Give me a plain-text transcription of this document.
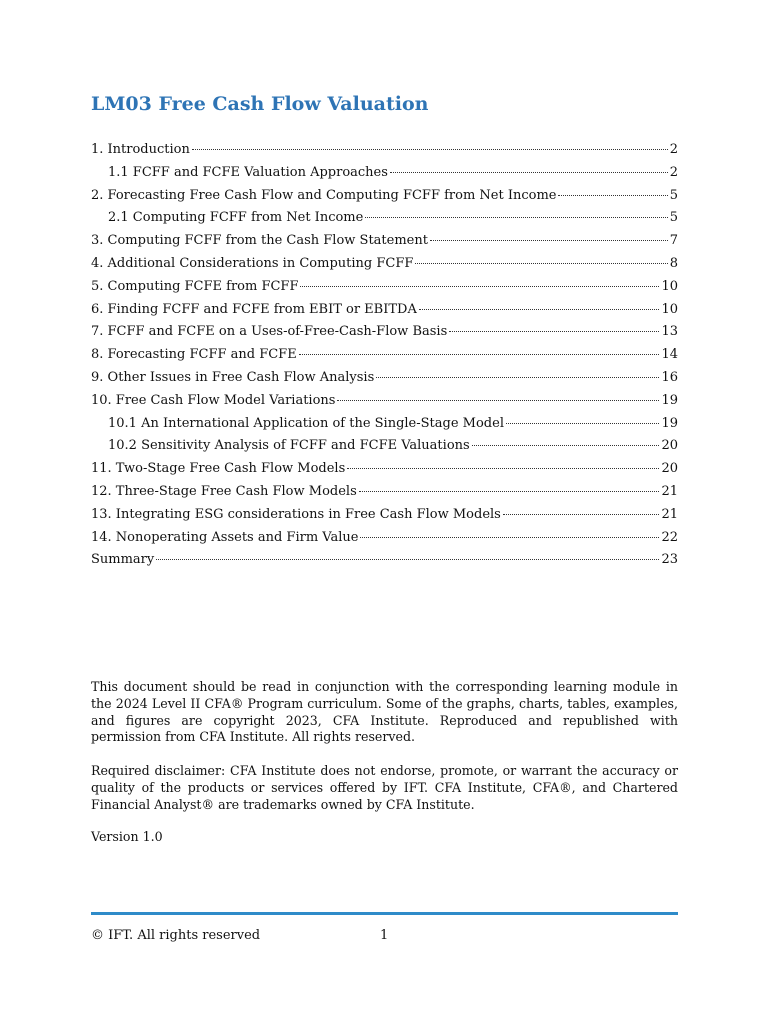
LM03 Free Cash Flow Valuation
1. Introduction	2
1.1 FCFF and FCFE Valuation Approaches	2
2. Forecasting Free Cash Flow and Computing FCFF from Net Income	5
2.1 Computing FCFF from Net Income	5
3. Computing FCFF from the Cash Flow Statement	7
4. Additional Considerations in Computing FCFF	8
5. Computing FCFE from FCFF	10
6. Finding FCFF and FCFE from EBIT or EBITDA	10
7. FCFF and FCFE on a Uses-of-Free-Cash-Flow Basis	13
8. Forecasting FCFF and FCFE	14
9. Other Issues in Free Cash Flow Analysis	16
10. Free Cash Flow Model Variations	19
10.1 An International Application of the Single-Stage Model	19
10.2 Sensitivity Analysis of FCFF and FCFE Valuations	20
11. Two-Stage Free Cash Flow Models	20
12. Three-Stage Free Cash Flow Models	21
13. Integrating ESG considerations in Free Cash Flow Models	21
14. Nonoperating Assets and Firm Value	22
Summary	23
This document should be read in conjunction with the corresponding learning module in the 2024 Level II CFA® Program curriculum. Some of the graphs, charts, tables, examples, and figures are copyright 2023, CFA Institute. Reproduced and republished with permission from CFA Institute. All rights reserved.
Required disclaimer: CFA Institute does not endorse, promote, or warrant the accuracy or quality of the products or services offered by IFT. CFA Institute, CFA®, and Chartered Financial Analyst® are trademarks owned by CFA Institute.
Version 1.0
© IFT. All rights reserved	1
